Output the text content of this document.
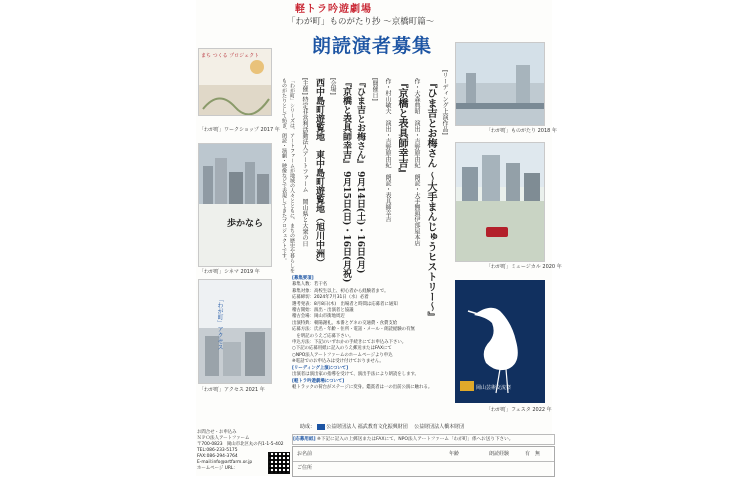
軽トラ吟遊劇場
「わが町」ものがたり抄 〜京橋町篇〜
朗読演者募集
まち つくる プロジェクト
「わが町」ワークショップ 2017 年
歩かなら
「わが町」シネマ 2019 年
「わが町」アクセス
「わが町」アクセス 2021 年
「わが町」ものがたり 2018 年
「わが町」ミュージカル 2020 年
岡山芸術交流祭
「わが町」フェスタ 2022 年
[リーディング上演作品]
『ひま吉とお梅さん 〜大手まんじゅうヒストリー〜』
作・大森典昭　演出・吉野原由紀　朗読・大手饅頭伊部屋本店
『京橋と表具師幸吉』
作・村山敏夫　演出・吉野原由紀　朗読・表具師幸吉
[開催日]
『ひま吉とお梅さん』 9月14日(土)・16日(月)
『京橋と表具師幸吉』 9月15日(日)・16日(月祝)
[会場]
西中島町遊覧地　東中島町遊覧地（旭川中洲）
[主催] 特定非営利活動法人アートファーム　岡山県と大衆の日
「わが町」シリーズは、アートファームが地域の人々とともに、まちの歴史や暮らしを
ものがたりとして紡ぎ、朗読・演劇・映像などで表現してきたプロジェクトです。
[募集要項]
募集人数：若干名
募集対象：高校生以上、初心者から経験者まで。
応募締切：2024年7月31日（水）必着
選考発表：8月8日(木)　出場者と時間は応募者に通知
稽古開始：演出・出演者と協議
稽古会場：岡山市街地周辺
出演特典：朝陽謝礼、本番とゲネの交通費・食費支給
応募方法：氏名・年齢・住所・電話・メール・朗読経験の有無
　を明記のうえご応募下さい。
申込方法：下記のいずれかの手続きにてお申込み下さい。
○下記の応募用紙に記入のうえ郵送またはFAXにて
○NPO法人アートファームのホームページより申込
※電話でのお申込みは受け付けておりません。
[リーディング上演について]
出演者は演出家の指導を受けて、演出手法により朗読をします。
[軽トラ吟遊劇場について]
軽トラックの荷台がステージに変身。鑑賞者は一の出前公演に触れる。
助成： 公益財団法人 福武教育文化振興財団 公益財団法人橋本財団
お問合せ・お申込み
ＮＰＯ法人アートファーム
〒700-0823　岡山市北区丸の内1-1-5-402
TEL:086-233-5175
FAX:086-294-3764
E-mail:info@artfarm.or.jp
ホームページ URL：
[応募用紙] ※下記に記入の上郵送またはFAXにて、NPO法人アートファーム「わが町」係へお送り下さい。
お名前	年齢	朗読経験	有　無
ご住所
